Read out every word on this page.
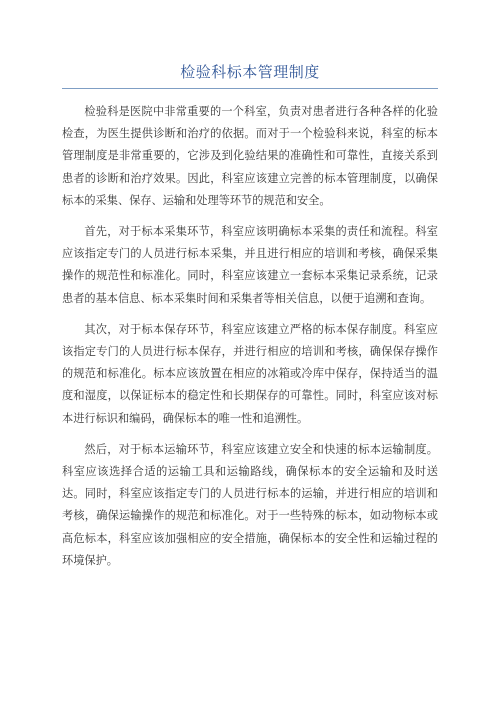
检验科标本管理制度

检验科是医院中非常重要的一个科室，负责对患者进行各种各样的化验检查，为医生提供诊断和治疗的依据。而对于一个检验科来说，科室的标本管理制度是非常重要的，它涉及到化验结果的准确性和可靠性，直接关系到患者的诊断和治疗效果。因此，科室应该建立完善的标本管理制度，以确保标本的采集、保存、运输和处理等环节的规范和安全。

首先，对于标本采集环节，科室应该明确标本采集的责任和流程。科室应该指定专门的人员进行标本采集，并且进行相应的培训和考核，确保采集操作的规范性和标准化。同时，科室应该建立一套标本采集记录系统，记录患者的基本信息、标本采集时间和采集者等相关信息，以便于追溯和查询。

其次，对于标本保存环节，科室应该建立严格的标本保存制度。科室应该指定专门的人员进行标本保存，并进行相应的培训和考核，确保保存操作的规范和标准化。标本应该放置在相应的冰箱或冷库中保存，保持适当的温度和湿度，以保证标本的稳定性和长期保存的可靠性。同时，科室应该对标本进行标识和编码，确保标本的唯一性和追溯性。

然后，对于标本运输环节，科室应该建立安全和快速的标本运输制度。科室应该选择合适的运输工具和运输路线，确保标本的安全运输和及时送达。同时，科室应该指定专门的人员进行标本的运输，并进行相应的培训和考核，确保运输操作的规范和标准化。对于一些特殊的标本，如动物标本或高危标本，科室应该加强相应的安全措施，确保标本的安全性和运输过程的环境保护。
